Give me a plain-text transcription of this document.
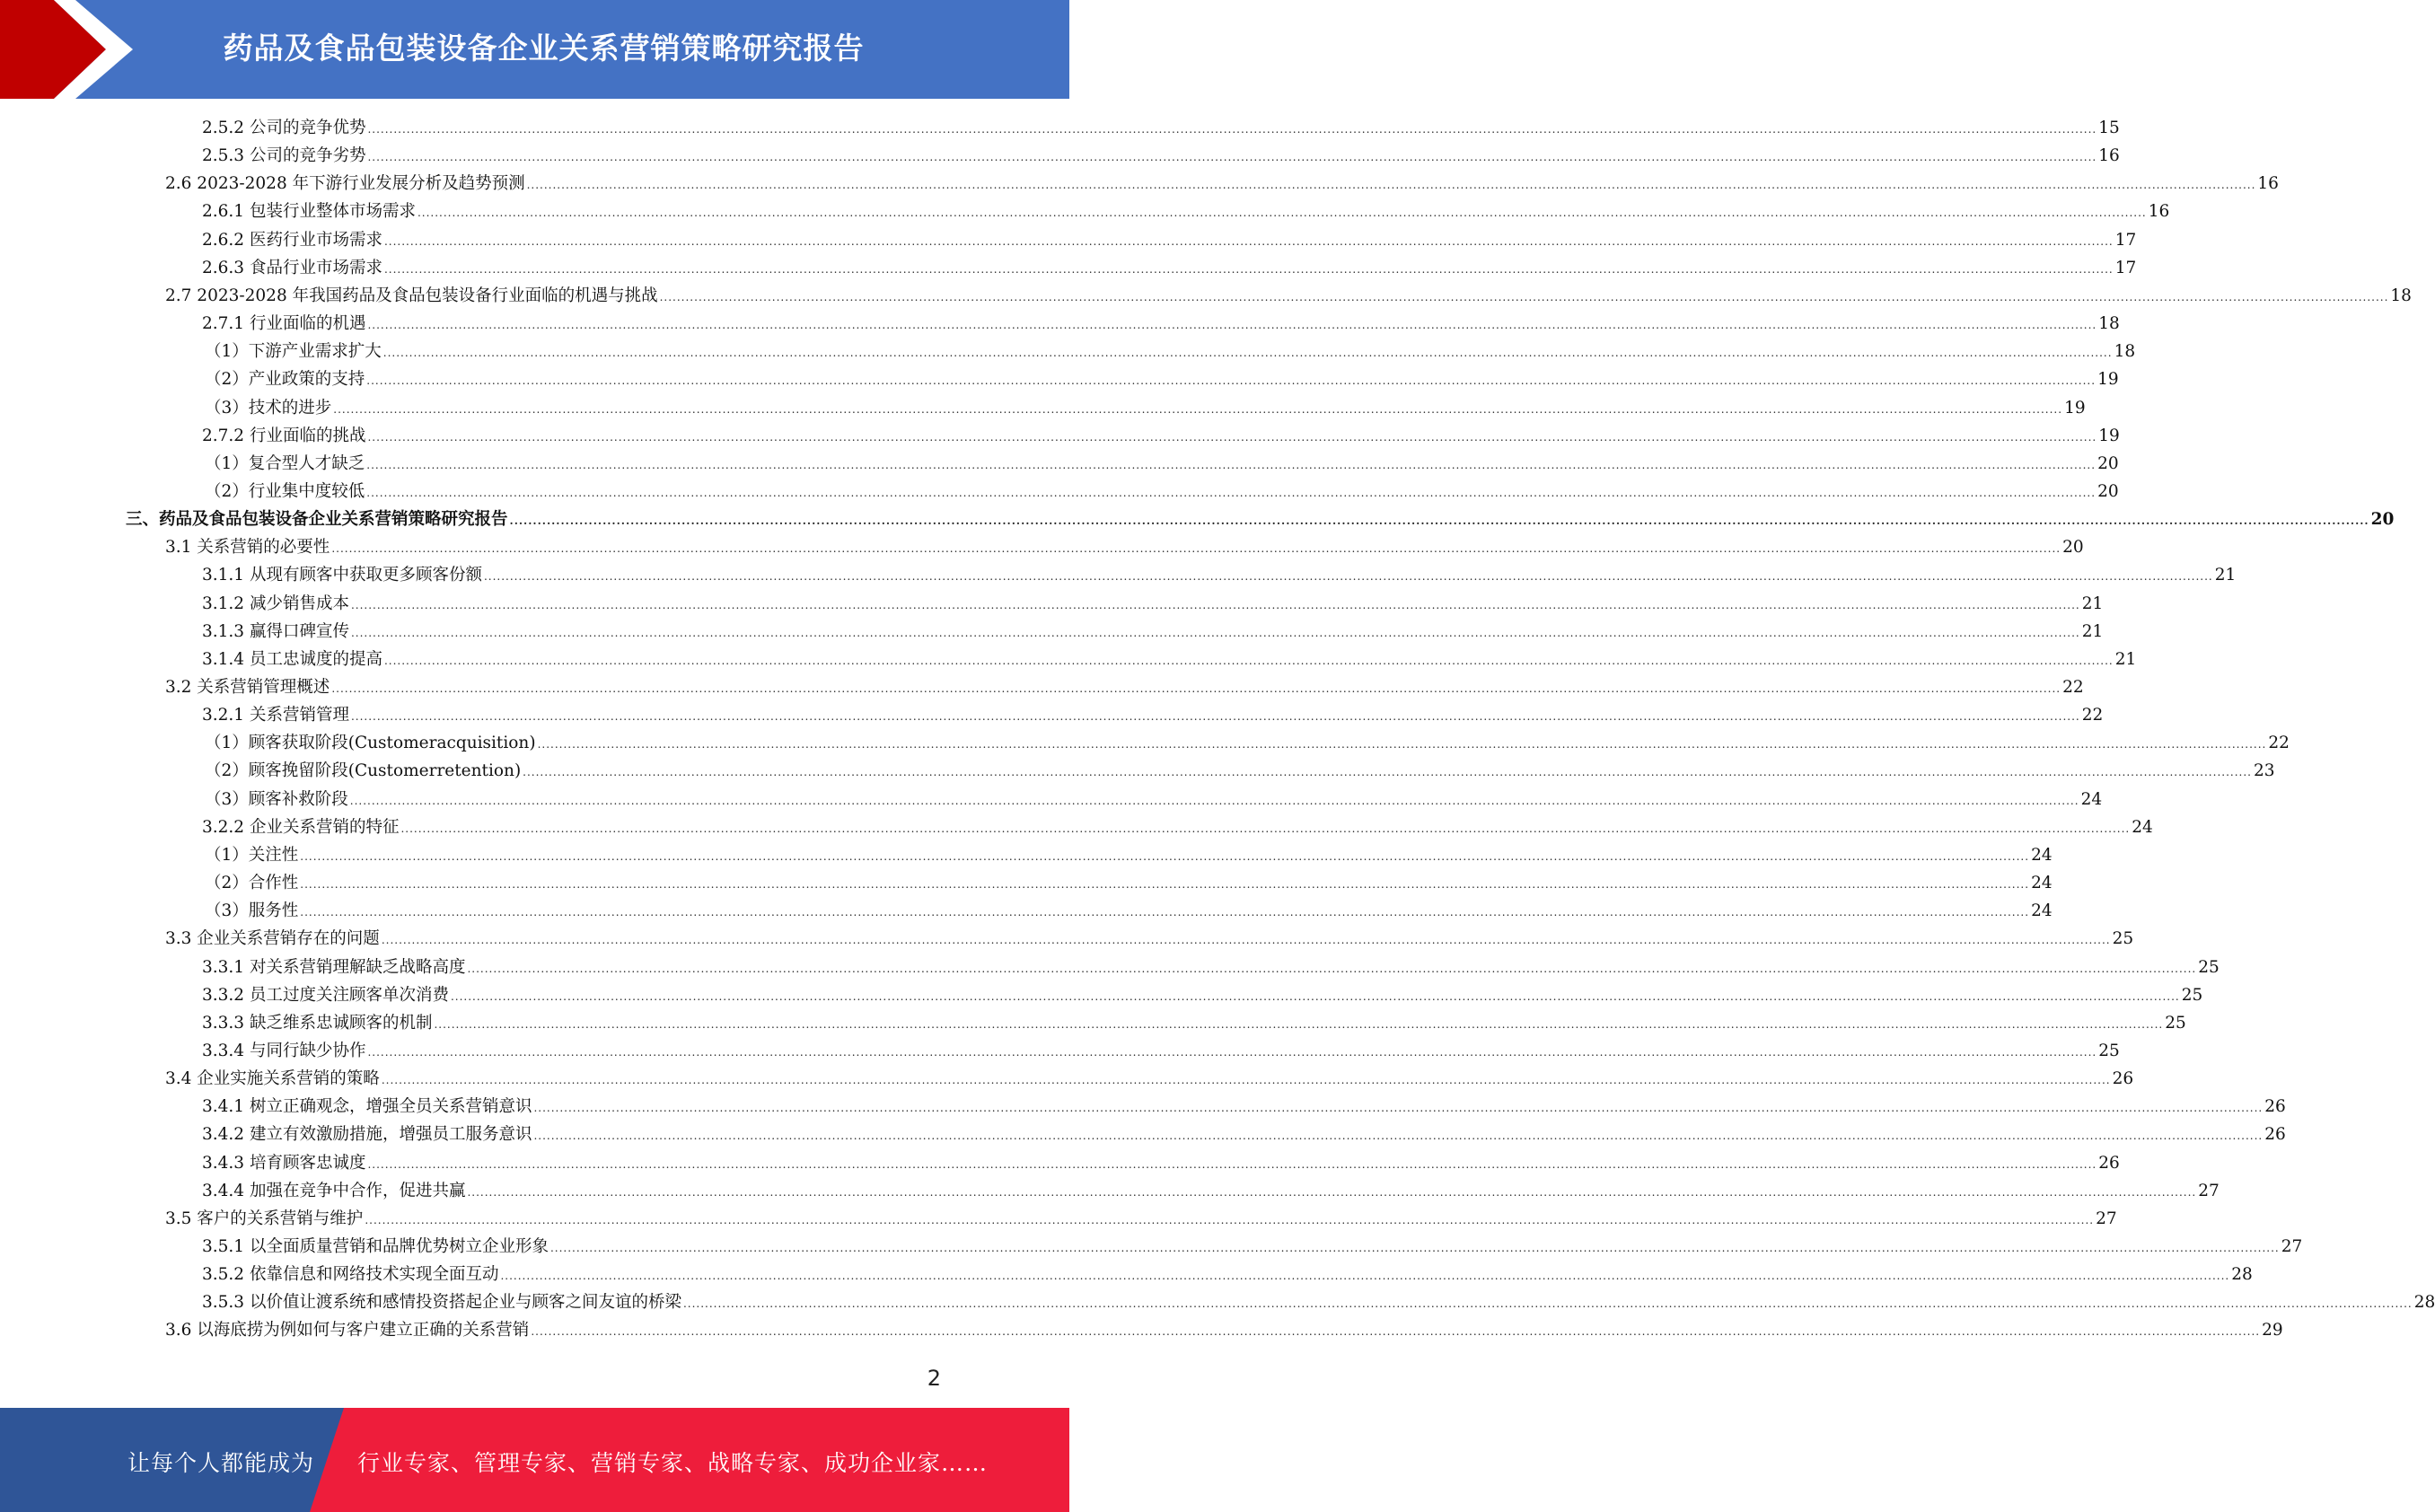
药品及食品包装设备企业关系营销策略研究报告
2.5.2 公司的竞争优势 ................................................................................................................................................................................................................................................................................................................................................................................................................ 15
2.5.3 公司的竞争劣势 ................................................................................................................................................................................................................................................................................................................................................................................................................ 16
2.6 2023-2028 年下游行业发展分析及趋势预测 ................................................................................................................................................................................................................................................................................................................................................................................................................ 16
2.6.1 包装行业整体市场需求 ................................................................................................................................................................................................................................................................................................................................................................................................................ 16
2.6.2 医药行业市场需求 ................................................................................................................................................................................................................................................................................................................................................................................................................ 17
2.6.3 食品行业市场需求 ................................................................................................................................................................................................................................................................................................................................................................................................................ 17
2.7 2023-2028 年我国药品及食品包装设备行业面临的机遇与挑战 ................................................................................................................................................................................................................................................................................................................................................................................................................ 18
2.7.1 行业面临的机遇 ................................................................................................................................................................................................................................................................................................................................................................................................................ 18
（1）下游产业需求扩大 ................................................................................................................................................................................................................................................................................................................................................................................................................ 18
（2）产业政策的支持 ................................................................................................................................................................................................................................................................................................................................................................................................................ 19
（3）技术的进步 ................................................................................................................................................................................................................................................................................................................................................................................................................ 19
2.7.2 行业面临的挑战 ................................................................................................................................................................................................................................................................................................................................................................................................................ 19
（1）复合型人才缺乏 ................................................................................................................................................................................................................................................................................................................................................................................................................ 20
（2）行业集中度较低 ................................................................................................................................................................................................................................................................................................................................................................................................................ 20
三、药品及食品包装设备企业关系营销策略研究报告 ................................................................................................................................................................................................................................................................................................................................................................................................................ 20
3.1 关系营销的必要性 ................................................................................................................................................................................................................................................................................................................................................................................................................ 20
3.1.1 从现有顾客中获取更多顾客份额 ................................................................................................................................................................................................................................................................................................................................................................................................................ 21
3.1.2 减少销售成本 ................................................................................................................................................................................................................................................................................................................................................................................................................ 21
3.1.3 赢得口碑宣传 ................................................................................................................................................................................................................................................................................................................................................................................................................ 21
3.1.4 员工忠诚度的提高 ................................................................................................................................................................................................................................................................................................................................................................................................................ 21
3.2 关系营销管理概述 ................................................................................................................................................................................................................................................................................................................................................................................................................ 22
3.2.1 关系营销管理 ................................................................................................................................................................................................................................................................................................................................................................................................................ 22
（1）顾客获取阶段(Customeracquisition) ................................................................................................................................................................................................................................................................................................................................................................................................................ 22
（2）顾客挽留阶段(Customerretention) ................................................................................................................................................................................................................................................................................................................................................................................................................ 23
（3）顾客补救阶段 ................................................................................................................................................................................................................................................................................................................................................................................................................ 24
3.2.2 企业关系营销的特征 ................................................................................................................................................................................................................................................................................................................................................................................................................ 24
（1）关注性 ................................................................................................................................................................................................................................................................................................................................................................................................................ 24
（2）合作性 ................................................................................................................................................................................................................................................................................................................................................................................................................ 24
（3）服务性 ................................................................................................................................................................................................................................................................................................................................................................................................................ 24
3.3 企业关系营销存在的问题 ................................................................................................................................................................................................................................................................................................................................................................................................................ 25
3.3.1 对关系营销理解缺乏战略高度 ................................................................................................................................................................................................................................................................................................................................................................................................................ 25
3.3.2 员工过度关注顾客单次消费 ................................................................................................................................................................................................................................................................................................................................................................................................................ 25
3.3.3 缺乏维系忠诚顾客的机制 ................................................................................................................................................................................................................................................................................................................................................................................................................ 25
3.3.4 与同行缺少协作 ................................................................................................................................................................................................................................................................................................................................................................................................................ 25
3.4 企业实施关系营销的策略 ................................................................................................................................................................................................................................................................................................................................................................................................................ 26
3.4.1 树立正确观念，增强全员关系营销意识 ................................................................................................................................................................................................................................................................................................................................................................................................................ 26
3.4.2 建立有效激励措施，增强员工服务意识 ................................................................................................................................................................................................................................................................................................................................................................................................................ 26
3.4.3 培育顾客忠诚度 ................................................................................................................................................................................................................................................................................................................................................................................................................ 26
3.4.4 加强在竞争中合作，促进共赢 ................................................................................................................................................................................................................................................................................................................................................................................................................ 27
3.5 客户的关系营销与维护 ................................................................................................................................................................................................................................................................................................................................................................................................................ 27
3.5.1 以全面质量营销和品牌优势树立企业形象 ................................................................................................................................................................................................................................................................................................................................................................................................................ 27
3.5.2 依靠信息和网络技术实现全面互动 ................................................................................................................................................................................................................................................................................................................................................................................................................ 28
3.5.3 以价值让渡系统和感情投资搭起企业与顾客之间友谊的桥梁 ................................................................................................................................................................................................................................................................................................................................................................................................................ 28
3.6 以海底捞为例如何与客户建立正确的关系营销 ................................................................................................................................................................................................................................................................................................................................................................................................................ 29
2
让每个人都能成为 行业专家、管理专家、营销专家、战略专家、成功企业家……
